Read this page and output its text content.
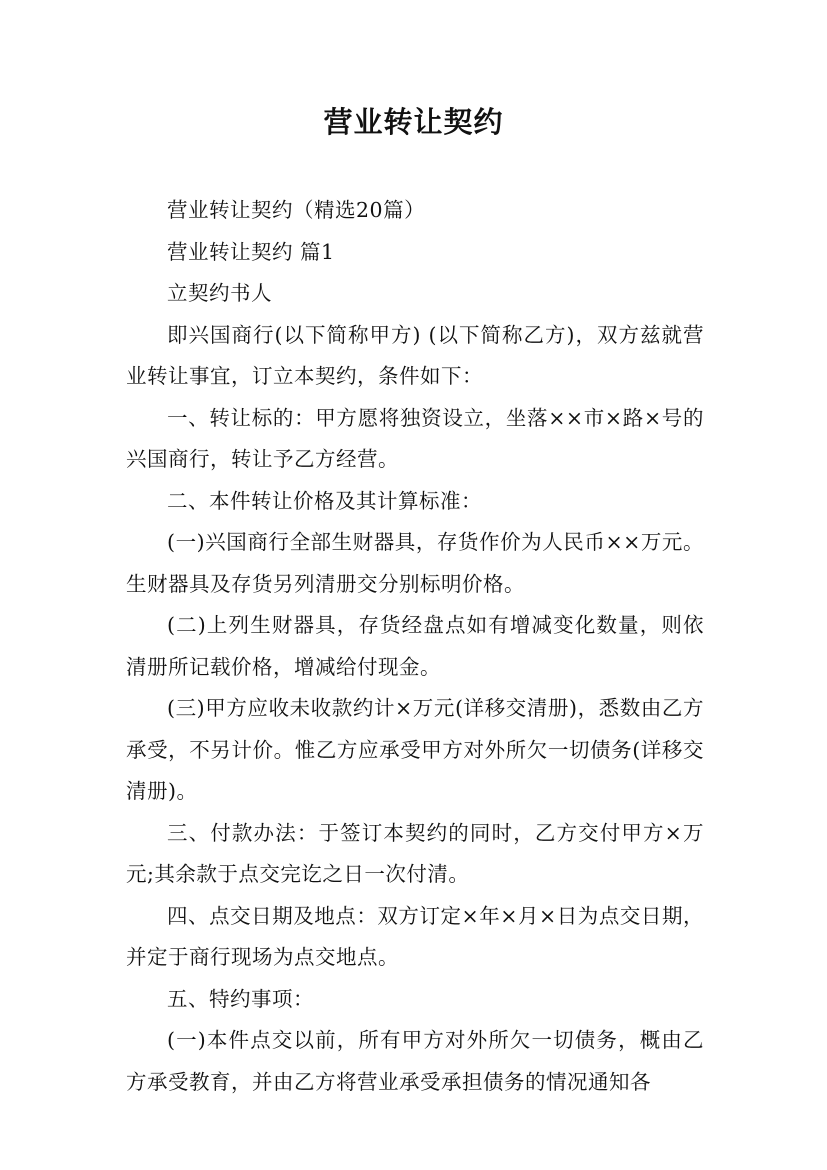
营业转让契约

营业转让契约（精选20篇）

营业转让契约 篇1

立契约书人

即兴国商行(以下简称甲方) (以下简称乙方)，双方兹就营业转让事宜，订立本契约，条件如下：

一、转让标的：甲方愿将独资设立，坐落××市×路×号的兴国商行，转让予乙方经营。

二、本件转让价格及其计算标准：

(一)兴国商行全部生财器具，存货作价为人民币××万元。生财器具及存货另列清册交分别标明价格。

(二)上列生财器具，存货经盘点如有增减变化数量，则依清册所记载价格，增减给付现金。

(三)甲方应收未收款约计×万元(详移交清册)，悉数由乙方承受，不另计价。惟乙方应承受甲方对外所欠一切债务(详移交清册)。

三、付款办法：于签订本契约的同时，乙方交付甲方×万元;其余款于点交完讫之日一次付清。

四、点交日期及地点：双方订定×年×月×日为点交日期，并定于商行现场为点交地点。

五、特约事项：

(一)本件点交以前，所有甲方对外所欠一切债务，概由乙方承受教育，并由乙方将营业承受承担债务的情况通知各
